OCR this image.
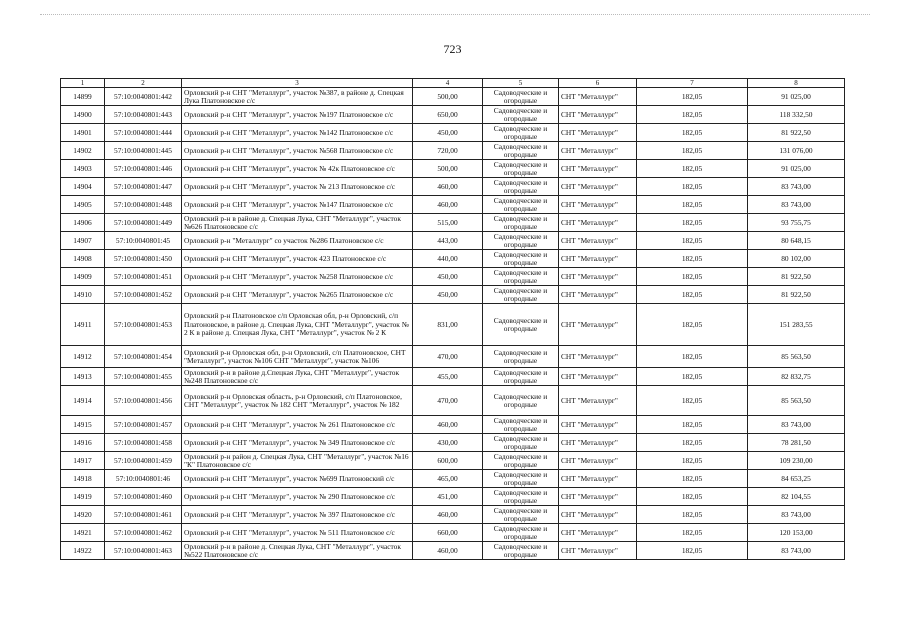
723
1	2	3	4	5	6	7	8
14899	57:10:0040801:442	Орловский р-н СНТ "Металлург", участок №387, в районе д. Спецкая Лука Платоновское с/с	500,00	Садоводческие и огородные	СНТ "Металлург"	182,05	91 025,00
14900	57:10:0040801:443	Орловский р-н СНТ "Металлург", участок №197 Платоновское с/с	650,00	Садоводческие и огородные	СНТ "Металлург"	182,05	118 332,50
14901	57:10:0040801:444	Орловский р-н СНТ "Металлург", участок №142 Платоновское с/с	450,00	Садоводческие и огородные	СНТ "Металлург"	182,05	81 922,50
14902	57:10:0040801:445	Орловский р-н СНТ "Металлург", участок №568 Платоновское с/с	720,00	Садоводческие и огородные	СНТ "Металлург"	182,05	131 076,00
14903	57:10:0040801:446	Орловский р-н СНТ "Металлург", участок № 42к Платоновское с/с	500,00	Садоводческие и огородные	СНТ "Металлург"	182,05	91 025,00
14904	57:10:0040801:447	Орловский р-н СНТ "Металлург", участок № 213 Платоновское с/с	460,00	Садоводческие и огородные	СНТ "Металлург"	182,05	83 743,00
14905	57:10:0040801:448	Орловский р-н СНТ "Металлург", участок №147 Платоновское с/с	460,00	Садоводческие и огородные	СНТ "Металлург"	182,05	83 743,00
14906	57:10:0040801:449	Орловский р-н в районе д. Спецкая Лука, СНТ "Металлург", участок №626 Платоновское с/с	515,00	Садоводческие и огородные	СНТ "Металлург"	182,05	93 755,75
14907	57:10:0040801:45	Орловский р-н "Металлург" со участок №286 Платоновское с/с	443,00	Садоводческие и огородные	СНТ "Металлург"	182,05	80 648,15
14908	57:10:0040801:450	Орловский р-н СНТ "Металлург", участок 423 Платоновское с/с	440,00	Садоводческие и огородные	СНТ "Металлург"	182,05	80 102,00
14909	57:10:0040801:451	Орловский р-н СНТ "Металлург", участок №258 Платоновское с/с	450,00	Садоводческие и огородные	СНТ "Металлург"	182,05	81 922,50
14910	57:10:0040801:452	Орловский р-н СНТ "Металлург", участок №265 Платоновское с/с	450,00	Садоводческие и огородные	СНТ "Металлург"	182,05	81 922,50
14911	57:10:0040801:453	Орловский р-н Платоновское с/п Орловская обл, р-н Орловский, с/п Платоновское, в районе д. Спецкая Лука, СНТ "Металлург", участок № 2 К в районе д. Спецкая Лука, СНТ "Металлург", участок № 2 К	831,00	Садоводческие и огородные	СНТ "Металлург"	182,05	151 283,55
14912	57:10:0040801:454	Орловский р-н Орловская обл, р-н Орловский, с/п Платоновское, СНТ "Металлург", участок №106 СНТ "Металлург", участок №106	470,00	Садоводческие и огородные	СНТ "Металлург"	182,05	85 563,50
14913	57:10:0040801:455	Орловский р-н в районе д.Спецкая Лука, СНТ "Металлург", участок №248 Платоновское с/с	455,00	Садоводческие и огородные	СНТ "Металлург"	182,05	82 832,75
14914	57:10:0040801:456	Орловский р-н Орловская область, р-н Орловский, с/п Платоновское, СНТ "Металлург", участок № 182 СНТ "Металлург", участок № 182	470,00	Садоводческие и огородные	СНТ "Металлург"	182,05	85 563,50
14915	57:10:0040801:457	Орловский р-н СНТ "Металлург", участок № 261 Платоновское с/с	460,00	Садоводческие и огородные	СНТ "Металлург"	182,05	83 743,00
14916	57:10:0040801:458	Орловский р-н СНТ "Металлург", участок № 349 Платоновское с/с	430,00	Садоводческие и огородные	СНТ "Металлург"	182,05	78 281,50
14917	57:10:0040801:459	Орловский р-н район д. Спецкая Лука, СНТ "Металлург", участок №16 "К" Платоновское с/с	600,00	Садоводческие и огородные	СНТ "Металлург"	182,05	109 230,00
14918	57:10:0040801:46	Орловский р-н СНТ "Металлург", участок №699 Платоновский с/с	465,00	Садоводческие и огородные	СНТ "Металлург"	182,05	84 653,25
14919	57:10:0040801:460	Орловский р-н СНТ "Металлург", участок № 290 Платоновское с/с	451,00	Садоводческие и огородные	СНТ "Металлург"	182,05	82 104,55
14920	57:10:0040801:461	Орловский р-н СНТ "Металлург", участок № 397 Платоновское с/с	460,00	Садоводческие и огородные	СНТ "Металлург"	182,05	83 743,00
14921	57:10:0040801:462	Орловский р-н СНТ "Металлург", участок № 511 Платоновское с/с	660,00	Садоводческие и огородные	СНТ "Металлург"	182,05	120 153,00
14922	57:10:0040801:463	Орловский р-н в районе д. Спецкая Лука, СНТ "Металлург", участок №522 Платоновское с/с	460,00	Садоводческие и огородные	СНТ "Металлург"	182,05	83 743,00
